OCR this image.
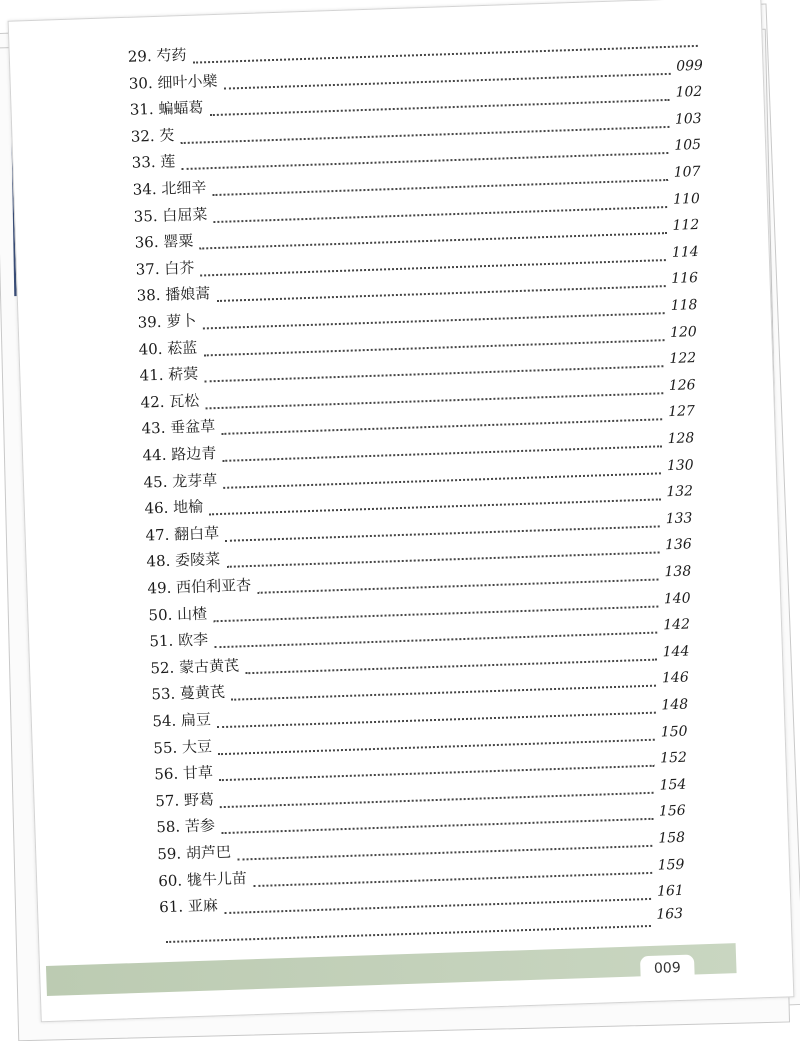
29. 芍药
30. 细叶小檗
099
31. 蝙蝠葛
102
32. 芡
103
33. 莲
105
34. 北细辛
107
35. 白屈菜
110
36. 罂粟
112
37. 白芥
114
38. 播娘蒿
116
39. 萝卜
118
40. 菘蓝
120
41. 菥蓂
122
42. 瓦松
126
43. 垂盆草
127
44. 路边青
128
45. 龙芽草
130
46. 地榆
132
47. 翻白草
133
48. 委陵菜
136
49. 西伯利亚杏
138
50. 山楂
140
51. 欧李
142
52. 蒙古黄芪
144
53. 蔓黄芪
146
54. 扁豆
148
55. 大豆
150
56. 甘草
152
57. 野葛
154
58. 苦参
156
59. 胡芦巴
158
60. 牻牛儿苗
159
61. 亚麻
161
163
009
